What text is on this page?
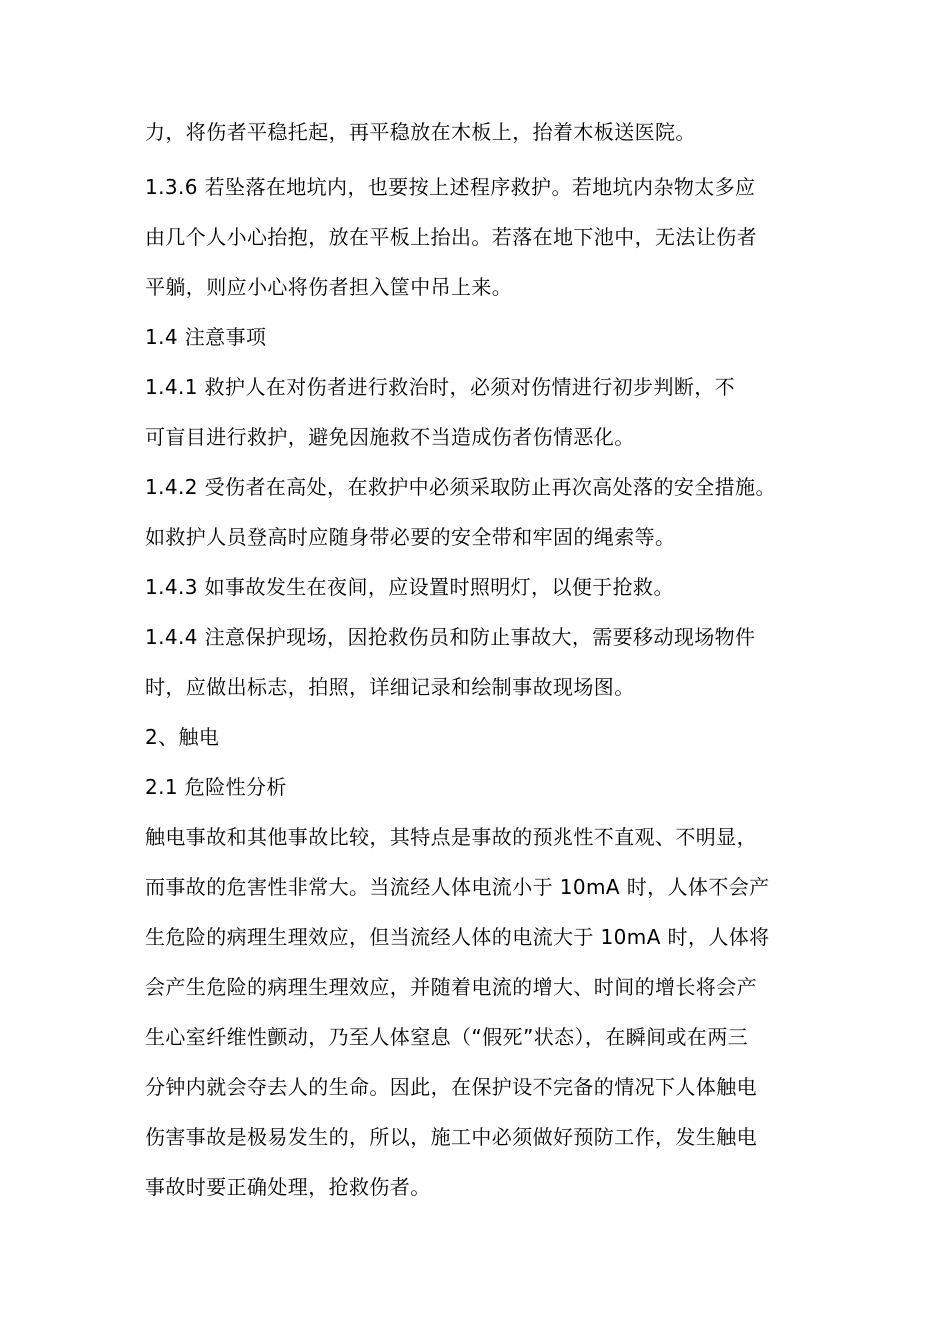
力，将伤者平稳托起，再平稳放在木板上，抬着木板送医院。
1.3.6 若坠落在地坑内，也要按上述程序救护。若地坑内杂物太多应
由几个人小心抬抱，放在平板上抬出。若落在地下池中，无法让伤者
平躺，则应小心将伤者担入筐中吊上来。
1.4 注意事项
1.4.1 救护人在对伤者进行救治时，必须对伤情进行初步判断，不
可盲目进行救护，避免因施救不当造成伤者伤情恶化。
1.4.2 受伤者在高处，在救护中必须采取防止再次高处落的安全措施。
如救护人员登高时应随身带必要的安全带和牢固的绳索等。
1.4.3 如事故发生在夜间，应设置时照明灯，以便于抢救。
1.4.4 注意保护现场，因抢救伤员和防止事故大，需要移动现场物件
时，应做出标志，拍照，详细记录和绘制事故现场图。
2、触电
2.1 危险性分析
触电事故和其他事故比较，其特点是事故的预兆性不直观、不明显，
而事故的危害性非常大。当流经人体电流小于 10mA 时，人体不会产
生危险的病理生理效应，但当流经人体的电流大于 10mA 时，人体将
会产生危险的病理生理效应，并随着电流的增大、时间的增长将会产
生心室纤维性颤动，乃至人体窒息（“假死”状态），在瞬间或在两三
分钟内就会夺去人的生命。因此，在保护设不完备的情况下人体触电
伤害事故是极易发生的，所以，施工中必须做好预防工作，发生触电
事故时要正确处理，抢救伤者。
